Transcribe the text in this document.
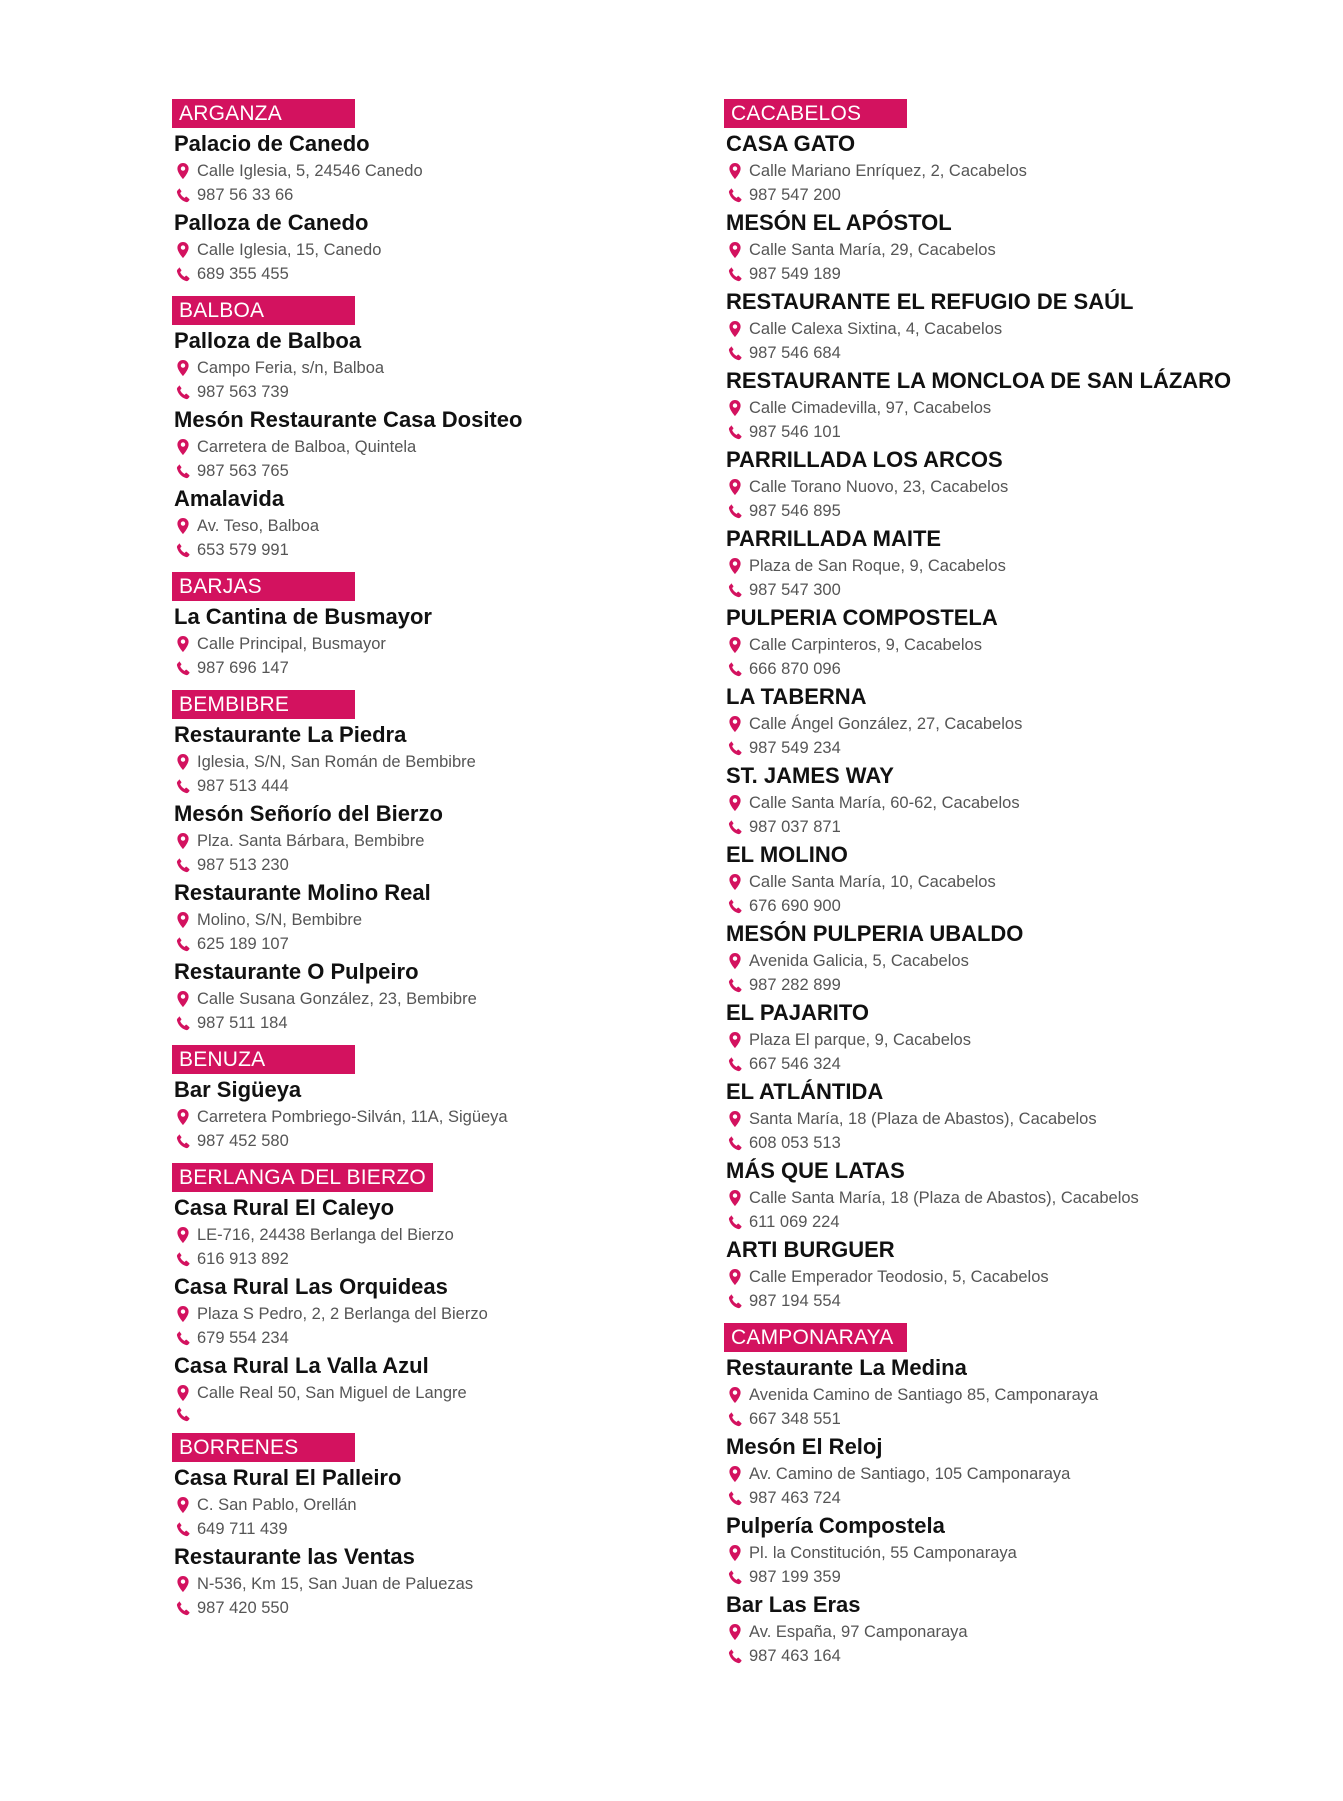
ARGANZA
Palacio de Canedo
Calle Iglesia, 5, 24546 Canedo
987 56 33 66
Palloza de Canedo
Calle Iglesia, 15, Canedo
689 355 455
BALBOA
Palloza de Balboa
Campo Feria, s/n, Balboa
987 563 739
Mesón Restaurante Casa Dositeo
Carretera de Balboa, Quintela
987 563 765
Amalavida
Av. Teso, Balboa
653 579 991
BARJAS
La Cantina de Busmayor
Calle Principal, Busmayor
987 696 147
BEMBIBRE
Restaurante La Piedra
Iglesia, S/N, San Román de Bembibre
987 513 444
Mesón Señorío del Bierzo
Plza. Santa Bárbara, Bembibre
987 513 230
Restaurante Molino Real
Molino, S/N, Bembibre
625 189 107
Restaurante O Pulpeiro
Calle Susana González, 23, Bembibre
987 511 184
BENUZA
Bar Sigüeya
Carretera Pombriego-Silván, 11A, Sigüeya
987 452 580
BERLANGA DEL BIERZO
Casa Rural El Caleyo
LE-716, 24438 Berlanga del Bierzo
616 913 892
Casa Rural Las Orquideas
Plaza S Pedro, 2, 2 Berlanga del Bierzo
679 554 234
Casa Rural La Valla Azul
Calle Real 50, San Miguel de Langre
BORRENES
Casa Rural El Palleiro
C. San Pablo, Orellán
649 711 439
Restaurante las Ventas
N-536, Km 15, San Juan de Paluezas
987 420 550
CACABELOS
CASA GATO
Calle Mariano Enríquez, 2, Cacabelos
987 547 200
MESÓN EL APÓSTOL
Calle Santa María, 29, Cacabelos
987 549 189
RESTAURANTE EL REFUGIO DE SAÚL
Calle Calexa Sixtina, 4, Cacabelos
987 546 684
RESTAURANTE LA MONCLOA DE SAN LÁZARO
Calle Cimadevilla, 97, Cacabelos
987 546 101
PARRILLADA LOS ARCOS
Calle Torano Nuovo, 23, Cacabelos
987 546 895
PARRILLADA MAITE
Plaza de San Roque, 9, Cacabelos
987 547 300
PULPERIA COMPOSTELA
Calle Carpinteros, 9, Cacabelos
666 870 096
LA TABERNA
Calle Ángel González, 27, Cacabelos
987 549 234
ST. JAMES WAY
Calle Santa María, 60-62, Cacabelos
987 037 871
EL MOLINO
Calle Santa María, 10, Cacabelos
676 690 900
MESÓN PULPERIA UBALDO
Avenida Galicia, 5, Cacabelos
987 282 899
EL PAJARITO
Plaza El parque, 9, Cacabelos
667 546 324
EL ATLÁNTIDA
Santa María, 18 (Plaza de Abastos), Cacabelos
608 053 513
MÁS QUE LATAS
Calle Santa María, 18 (Plaza de Abastos), Cacabelos
611 069 224
ARTI BURGUER
Calle Emperador Teodosio, 5, Cacabelos
987 194 554
CAMPONARAYA
Restaurante La Medina
Avenida Camino de Santiago 85, Camponaraya
667 348 551
Mesón El Reloj
Av. Camino de Santiago, 105 Camponaraya
987 463 724
Pulpería Compostela
Pl. la Constitución, 55 Camponaraya
987 199 359
Bar Las Eras
Av. España, 97 Camponaraya
987 463 164
